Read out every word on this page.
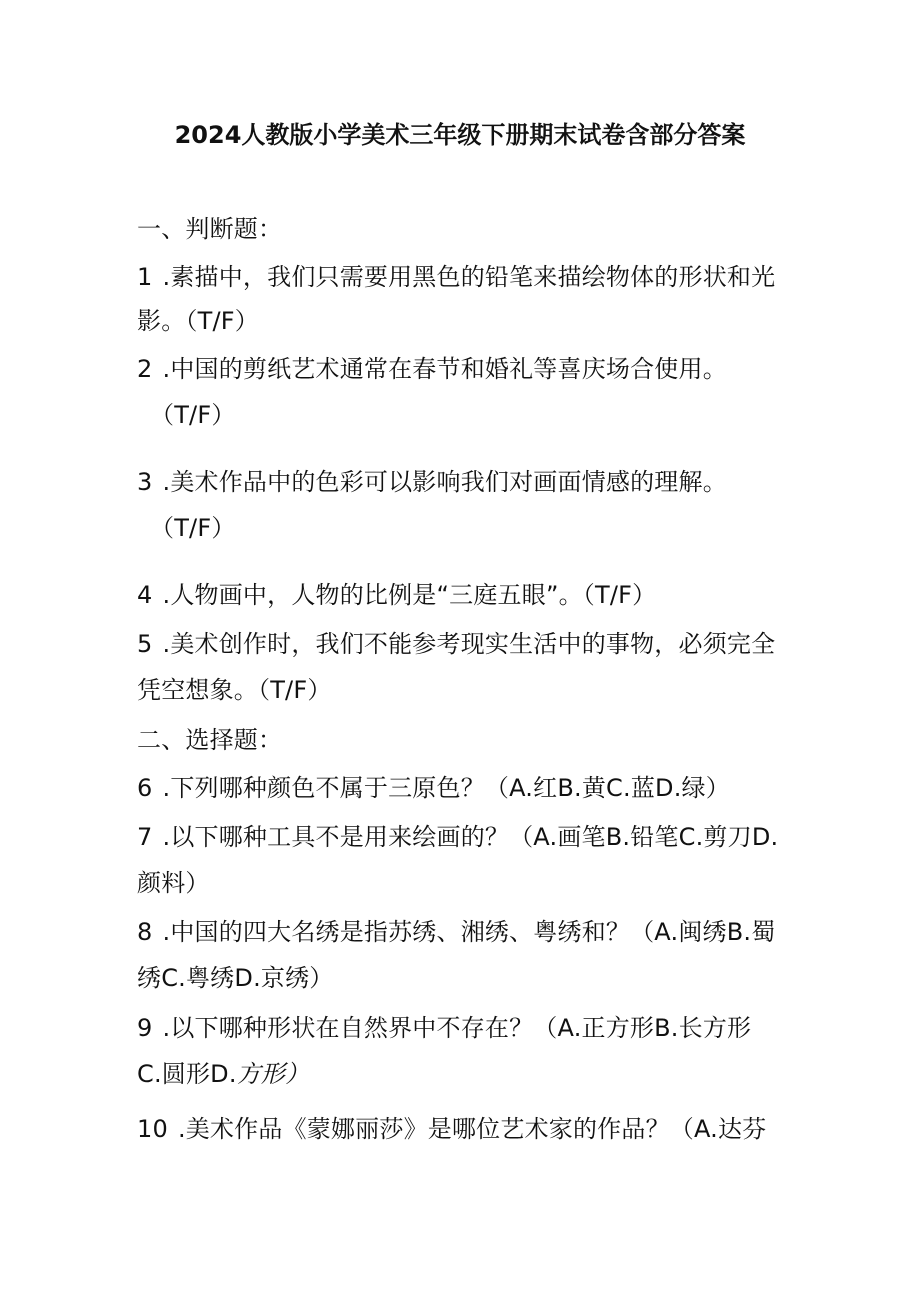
2024人教版小学美术三年级下册期末试卷含部分答案
一、判断题：
1 .素描中，我们只需要用黑色的铅笔来描绘物体的形状和光
影。（T/F）
2 .中国的剪纸艺术通常在春节和婚礼等喜庆场合使用。
（T/F）
3 .美术作品中的色彩可以影响我们对画面情感的理解。
（T/F）
4 .人物画中，人物的比例是“三庭五眼”。（T/F）
5 .美术创作时，我们不能参考现实生活中的事物，必须完全
凭空想象。（T/F）
二、选择题：
6 .下列哪种颜色不属于三原色？（A.红B.黄C.蓝D.绿）
7 .以下哪种工具不是用来绘画的？（A.画笔B.铅笔C.剪刀D.
颜料）
8 .中国的四大名绣是指苏绣、湘绣、粤绣和？（A.闽绣B.蜀
绣C.粤绣D.京绣）
9 .以下哪种形状在自然界中不存在？（A.正方形B.长方形
C.圆形D.方形）
10 .美术作品《蒙娜丽莎》是哪位艺术家的作品？（A.达芬
